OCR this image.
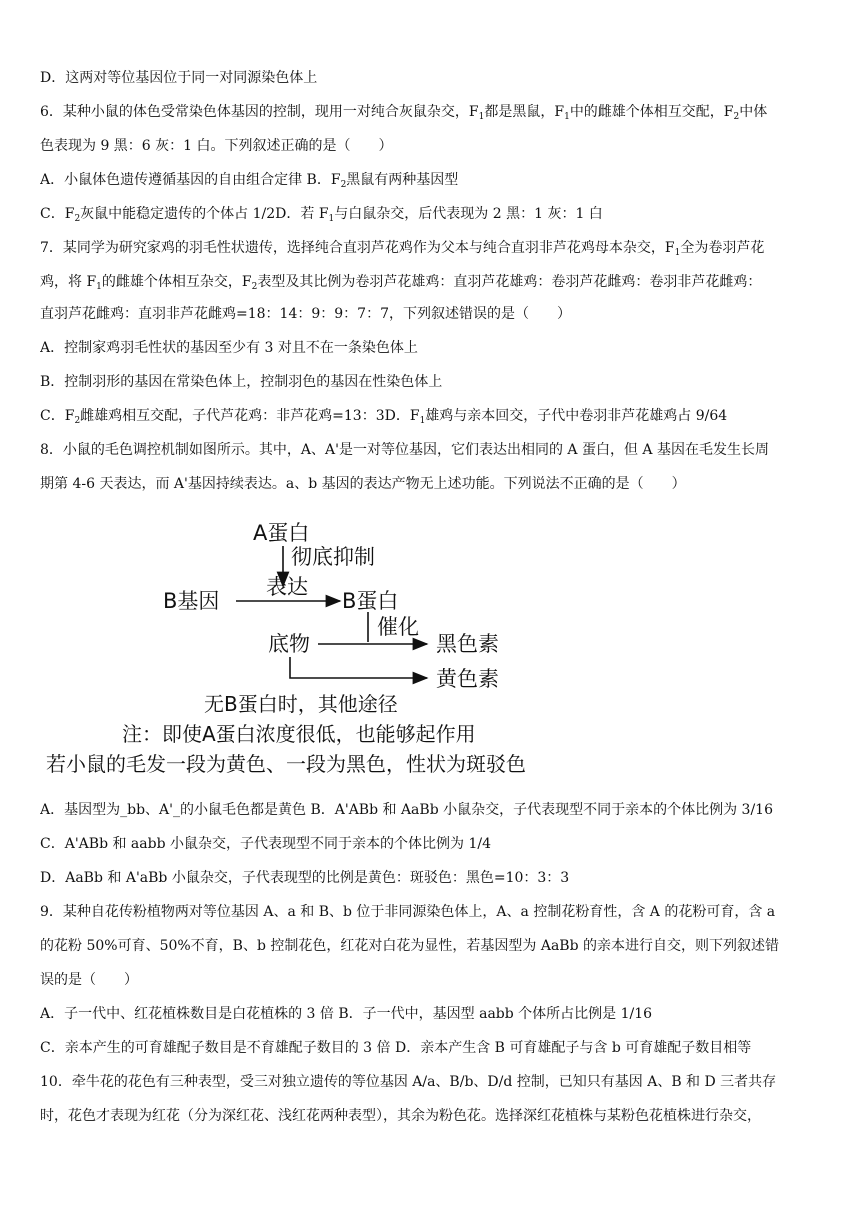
D．这两对等位基因位于同一对同源染色体上
6．某种小鼠的体色受常染色体基因的控制，现用一对纯合灰鼠杂交，$F_1$都是黑鼠，$F_1$中的雌雄个体相互交配，$F_2$中体
色表现为 9 黑：6 灰：1 白。下列叙述正确的是（　　）
A．小鼠体色遗传遵循基因的自由组合定律 B．$F_2$黑鼠有两种基因型
C．$F_2$灰鼠中能稳定遗传的个体占 1/2D．若 $F_1$与白鼠杂交，后代表现为 2 黑：1 灰：1 白
7．某同学为研究家鸡的羽毛性状遗传，选择纯合直羽芦花鸡作为父本与纯合直羽非芦花鸡母本杂交，$F_1$全为卷羽芦花
鸡，将 $F_1$的雌雄个体相互杂交，$F_2$表型及其比例为卷羽芦花雄鸡：直羽芦花雄鸡：卷羽芦花雌鸡：卷羽非芦花雌鸡：
直羽芦花雌鸡：直羽非芦花雌鸡=18：14：9：9：7：7，下列叙述错误的是（　　）
A．控制家鸡羽毛性状的基因至少有 3 对且不在一条染色体上
B．控制羽形的基因在常染色体上，控制羽色的基因在性染色体上
C．$F_2$雌雄鸡相互交配，子代芦花鸡：非芦花鸡=13：3D．$F_1$雄鸡与亲本回交，子代中卷羽非芦花雄鸡占 9/64
8．小鼠的毛色调控机制如图所示。其中，A、A'是一对等位基因，它们表达出相同的 A 蛋白，但 A 基因在毛发生长周
期第 4-6 天表达，而 A'基因持续表达。a、b 基因的表达产物无上述功能。下列说法不正确的是（　　）
A蛋白
彻底抑制
表达
B基因	B蛋白
催化
底物	黑色素
黄色素
无B蛋白时，其他途径
注：即使A蛋白浓度很低，也能够起作用
若小鼠的毛发一段为黄色、一段为黑色，性状为斑驳色
A．基因型为_bb、A'_的小鼠毛色都是黄色 B．A'ABb 和 AaBb 小鼠杂交，子代表现型不同于亲本的个体比例为 3/16
C．A'ABb 和 aabb 小鼠杂交，子代表现型不同于亲本的个体比例为 1/4
D．AaBb 和 A'aBb 小鼠杂交，子代表现型的比例是黄色：斑驳色：黑色=10：3：3
9．某种自花传粉植物两对等位基因 A、a 和 B、b 位于非同源染色体上，A、a 控制花粉育性，含 A 的花粉可育，含 a
的花粉 50%可育、50%不育，B、b 控制花色，红花对白花为显性，若基因型为 AaBb 的亲本进行自交，则下列叙述错
误的是（　　）
A．子一代中、红花植株数目是白花植株的 3 倍 B．子一代中，基因型 aabb 个体所占比例是 1/16
C．亲本产生的可育雄配子数目是不育雄配子数目的 3 倍 D．亲本产生含 B 可育雄配子与含 b 可育雄配子数目相等
10．牵牛花的花色有三种表型，受三对独立遗传的等位基因 A/a、B/b、D/d 控制，已知只有基因 A、B 和 D 三者共存
时，花色才表现为红花（分为深红花、浅红花两种表型），其余为粉色花。选择深红花植株与某粉色花植株进行杂交，
